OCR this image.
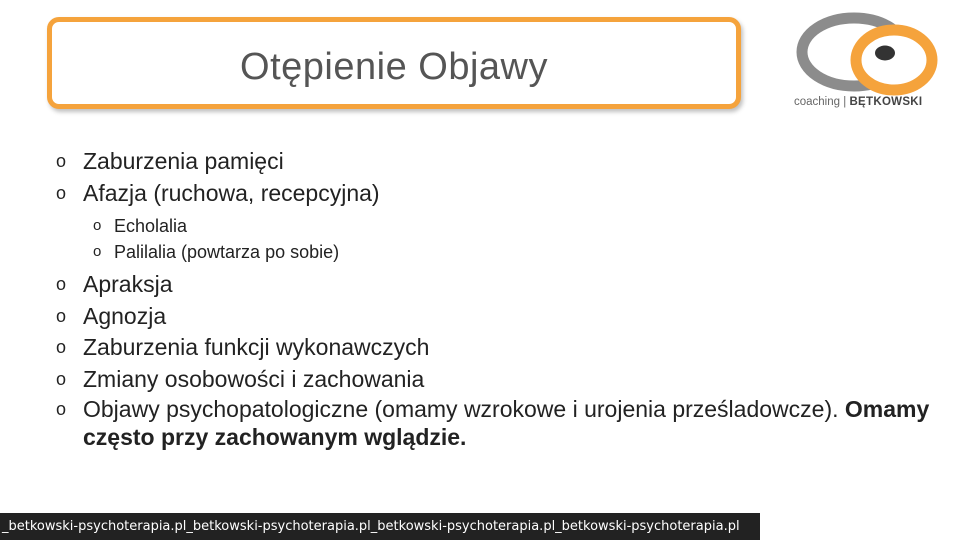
Otępienie Objawy
coaching | BĘTKOWSKI
o Zaburzenia pamięci
o Afazja (ruchowa, recepcyjna)
o Echolalia
o Palilalia (powtarza po sobie)
o Apraksja
o Agnozja
o Zaburzenia funkcji wykonawczych
o Zmiany osobowości i zachowania
o Objawy psychopatologiczne (omamy wzrokowe i urojenia prześladowcze). Omamy często przy zachowanym wglądzie.
_betkowski-psychoterapia.pl_betkowski-psychoterapia.pl_betkowski-psychoterapia.pl_betkowski-psychoterapia.pl
